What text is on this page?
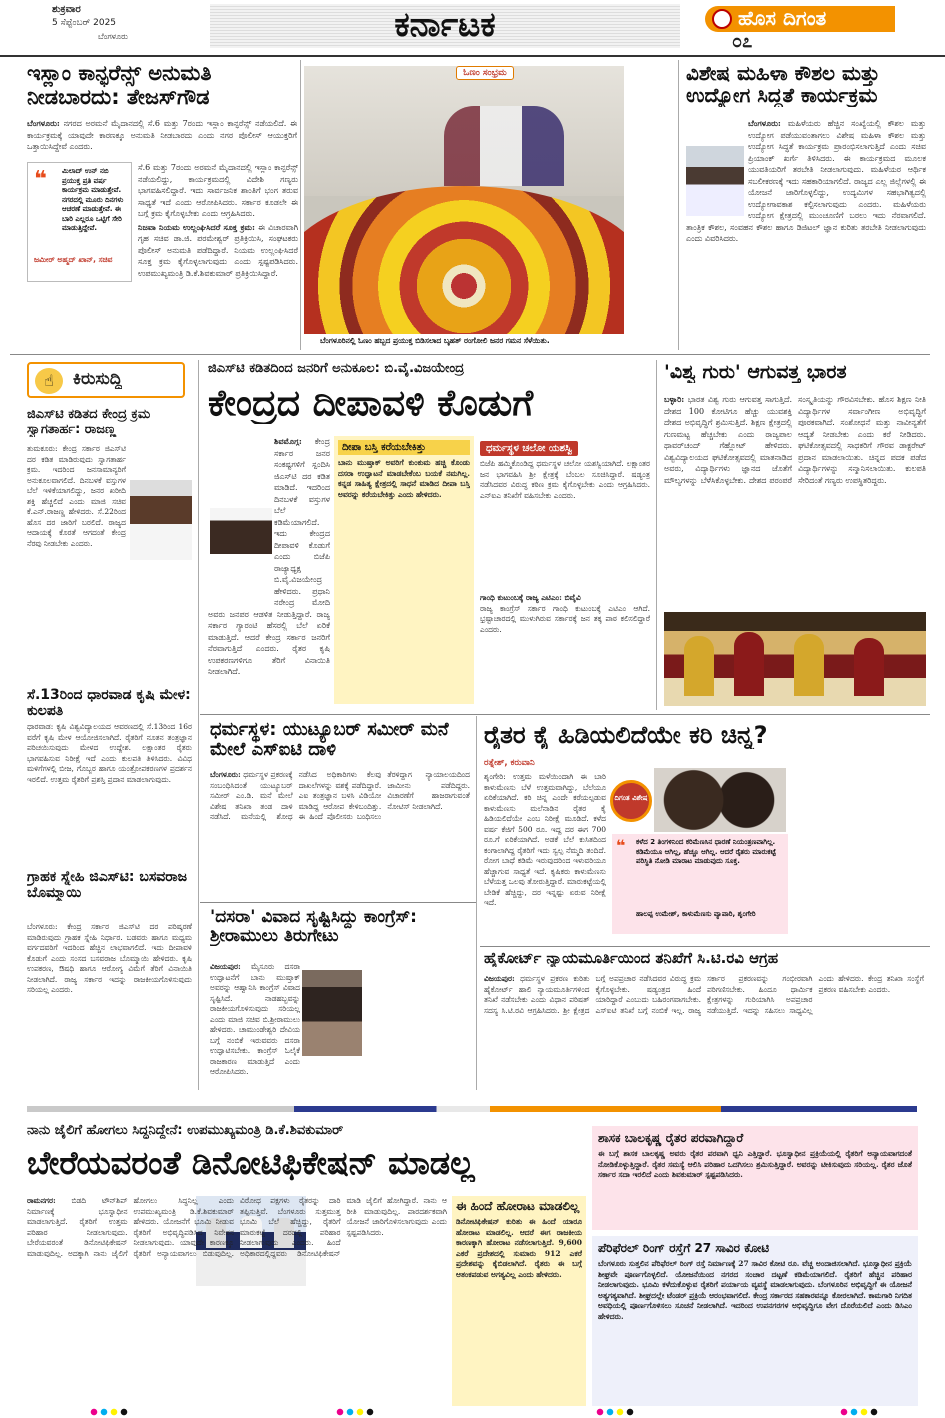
ಶುಕ್ರವಾರ
5 ಸೆಪ್ಟೆಂಬರ್ 2025
ಬೆಂಗಳೂರು	ಕರ್ನಾಟಕ	ಹೊಸ ದಿಗಂತ
೦೭
ಇಸ್ಲಾಂ ಕಾನ್ಫರೆನ್ಸ್ ಅನುಮತಿ ನೀಡಬಾರದು: ತೇಜಸ್‌ಗೌಡ
ಬೆಂಗಳೂರು: ನಗರದ ಅರಮನೆ ಮೈದಾನದಲ್ಲಿ ಸೆ.6 ಮತ್ತು 7ರಂದು ಇಸ್ಲಾಂ ಕಾನ್ಫರೆನ್ಸ್ ನಡೆಯಲಿದೆ. ಈ ಕಾರ್ಯಕ್ರಮಕ್ಕೆ ಯಾವುದೇ ಕಾರಣಕ್ಕೂ ಅನುಮತಿ ನೀಡಬಾರದು ಎಂದು ನಗರ ಪೊಲೀಸ್ ಆಯುಕ್ತರಿಗೆ ಒತ್ತಾಯಿಸಿದ್ದೇವೆ ಎಂದರು.
❝ ಮಿಲಾದ್ ಉನ್ ನಬಿ ಪ್ರಯುಕ್ತ ಪ್ರತಿ ವರ್ಷ ಕಾರ್ಯಕ್ರಮ ಮಾಡುತ್ತೇವೆ. ನಗರದಲ್ಲಿ ಮೂರು ದಿನಗಳು ಆಚರಣೆ ಮಾಡುತ್ತೇವೆ. ಈ ಬಾರಿ ಎಲ್ಲರೂ ಒಟ್ಟಿಗೆ ಸೇರಿ ಮಾಡುತ್ತಿದ್ದೇವೆ.
ಜಮೀರ್ ಅಹ್ಮದ್ ಖಾನ್, ಸಚಿವ

ಸೆ.6 ಮತ್ತು 7ರಂದು ಅರಮನೆ ಮೈದಾನದಲ್ಲಿ ಇಸ್ಲಾಂ ಕಾನ್ಫರೆನ್ಸ್ ನಡೆಯಲಿದ್ದು, ಕಾರ್ಯಕ್ರಮದಲ್ಲಿ ವಿದೇಶಿ ಗಣ್ಯರು ಭಾಗವಹಿಸಲಿದ್ದಾರೆ. ಇದು ಸಾರ್ವಜನಿಕ ಶಾಂತಿಗೆ ಭಂಗ ತರುವ ಸಾಧ್ಯತೆ ಇದೆ ಎಂದು ಆರೋಪಿಸಿದರು. ಸರ್ಕಾರ ಕೂಡಲೇ ಈ ಬಗ್ಗೆ ಕ್ರಮ ಕೈಗೊಳ್ಳಬೇಕು ಎಂದು ಆಗ್ರಹಿಸಿದರು.

ನಿಜವಾ ನಿಯಮ ಉಲ್ಲಂಘಿಸಿದರೆ ಸೂಕ್ತ ಕ್ರಮ: ಈ ವಿಚಾರವಾಗಿ ಗೃಹ ಸಚಿವ ಡಾ.ಜಿ. ಪರಮೇಶ್ವರ್ ಪ್ರತಿಕ್ರಿಯಿಸಿ, ಸಂಘಟಕರು ಪೊಲೀಸ್ ಅನುಮತಿ ಪಡೆದಿದ್ದಾರೆ. ನಿಯಮ ಉಲ್ಲಂಘಿಸಿದರೆ ಸೂಕ್ತ ಕ್ರಮ ಕೈಗೊಳ್ಳಲಾಗುವುದು ಎಂದು ಸ್ಪಷ್ಟಪಡಿಸಿದರು. ಉಪಮುಖ್ಯಮಂತ್ರಿ ಡಿ.ಕೆ.ಶಿವಕುಮಾರ್ ಪ್ರತಿಕ್ರಿಯಿಸಿದ್ದಾರೆ.

ಓಣಂ ಸಂಭ್ರಮ
ಬೆಂಗಳೂರಿನಲ್ಲಿ ಓಣಂ ಹಬ್ಬದ ಪ್ರಯುಕ್ತ ಬಿಡಿಸಲಾದ ಬೃಹತ್ ರಂಗೋಲಿ ಜನರ ಗಮನ ಸೆಳೆಯಿತು.
ವಿಶೇಷ ಮಹಿಳಾ ಕೌಶಲ ಮತ್ತು ಉದ್ಯೋಗ ಸಿದ್ಧತೆ ಕಾರ್ಯಕ್ರಮ
ಬೆಂಗಳೂರು: ಮಹಿಳೆಯರು ಹೆಚ್ಚಿನ ಸಂಖ್ಯೆಯಲ್ಲಿ ಕೌಶಲ ಮತ್ತು ಉದ್ಯೋಗ ಪಡೆಯುವಂತಾಗಲು ವಿಶೇಷ ಮಹಿಳಾ ಕೌಶಲ ಮತ್ತು ಉದ್ಯೋಗ ಸಿದ್ಧತೆ ಕಾರ್ಯಕ್ರಮ ಪ್ರಾರಂಭಿಸಲಾಗುತ್ತಿದೆ ಎಂದು ಸಚಿವ ಪ್ರಿಯಾಂಕ್ ಖರ್ಗೆ ತಿಳಿಸಿದರು. ಈ ಕಾರ್ಯಕ್ರಮದ ಮೂಲಕ ಯುವತಿಯರಿಗೆ ತರಬೇತಿ ನೀಡಲಾಗುವುದು. ಮಹಿಳೆಯರ ಆರ್ಥಿಕ ಸಬಲೀಕರಣಕ್ಕೆ ಇದು ಸಹಕಾರಿಯಾಗಲಿದೆ. ರಾಜ್ಯದ ಎಲ್ಲ ಜಿಲ್ಲೆಗಳಲ್ಲಿ ಈ ಯೋಜನೆ ಜಾರಿಗೊಳ್ಳಲಿದ್ದು, ಉದ್ಯಮಿಗಳ ಸಹಭಾಗಿತ್ವದಲ್ಲಿ ಉದ್ಯೋಗಾವಕಾಶ ಕಲ್ಪಿಸಲಾಗುವುದು ಎಂದರು. ಮಹಿಳೆಯರು ಉದ್ಯೋಗ ಕ್ಷೇತ್ರದಲ್ಲಿ ಮುಂಚೂಣಿಗೆ ಬರಲು ಇದು ನೆರವಾಗಲಿದೆ. ತಾಂತ್ರಿಕ ಕೌಶಲ, ಸಂವಹನ ಕೌಶಲ ಹಾಗೂ ಡಿಜಿಟಲ್ ಜ್ಞಾನ ಕುರಿತು ತರಬೇತಿ ನೀಡಲಾಗುವುದು ಎಂದು ವಿವರಿಸಿದರು.
☝	ಕಿರುಸುದ್ದಿ
ಜಿಎಸ್‌ಟಿ ಕಡಿತದ ಕೇಂದ್ರ ಕ್ರಮ ಸ್ವಾಗತಾರ್ಹ: ರಾಜಣ್ಣ
ತುಮಕೂರು: ಕೇಂದ್ರ ಸರ್ಕಾರ ಜಿಎಸ್‌ಟಿ ದರ ಕಡಿತ ಮಾಡಿರುವುದು ಸ್ವಾಗತಾರ್ಹ ಕ್ರಮ. ಇದರಿಂದ ಜನಸಾಮಾನ್ಯರಿಗೆ ಅನುಕೂಲವಾಗಲಿದೆ. ದಿನಬಳಕೆ ವಸ್ತುಗಳ ಬೆಲೆ ಇಳಿಕೆಯಾಗಲಿದ್ದು, ಜನರ ಖರೀದಿ ಶಕ್ತಿ ಹೆಚ್ಚಲಿದೆ ಎಂದು ಮಾಜಿ ಸಚಿವ ಕೆ.ಎನ್.ರಾಜಣ್ಣ ಹೇಳಿದರು. ಸೆ.22ರಿಂದ ಹೊಸ ದರ ಜಾರಿಗೆ ಬರಲಿದೆ. ರಾಜ್ಯದ ಆದಾಯಕ್ಕೆ ಕೊರತೆ ಆಗದಂತೆ ಕೇಂದ್ರ ನೆರವು ನೀಡಬೇಕು ಎಂದರು.
ಸೆ.13ರಿಂದ ಧಾರವಾಡ ಕೃಷಿ ಮೇಳ: ಕುಲಪತಿ
ಧಾರವಾಡ: ಕೃಷಿ ವಿಶ್ವವಿದ್ಯಾಲಯದ ಆವರಣದಲ್ಲಿ ಸೆ.13ರಿಂದ 16ರ ವರೆಗೆ ಕೃಷಿ ಮೇಳ ಆಯೋಜಿಸಲಾಗಿದೆ. ರೈತರಿಗೆ ನೂತನ ತಂತ್ರಜ್ಞಾನ ಪರಿಚಯಿಸುವುದು ಮೇಳದ ಉದ್ದೇಶ. ಲಕ್ಷಾಂತರ ರೈತರು ಭಾಗವಹಿಸುವ ನಿರೀಕ್ಷೆ ಇದೆ ಎಂದು ಕುಲಪತಿ ತಿಳಿಸಿದರು. ವಿವಿಧ ಮಳಿಗೆಗಳಲ್ಲಿ ಬೀಜ, ಗೊಬ್ಬರ ಹಾಗೂ ಯಂತ್ರೋಪಕರಣಗಳ ಪ್ರದರ್ಶನ ಇರಲಿದೆ. ಉತ್ತಮ ರೈತರಿಗೆ ಪ್ರಶಸ್ತಿ ಪ್ರದಾನ ಮಾಡಲಾಗುವುದು.
ಗ್ರಾಹಕ ಸ್ನೇಹಿ ಜಿಎಸ್‌ಟಿ: ಬಸವರಾಜ ಬೊಮ್ಮಾಯಿ
ಬೆಂಗಳೂರು: ಕೇಂದ್ರ ಸರ್ಕಾರ ಜಿಎಸ್‌ಟಿ ದರ ಪರಿಷ್ಕರಣೆ ಮಾಡಿರುವುದು ಗ್ರಾಹಕ ಸ್ನೇಹಿ ನಿರ್ಧಾರ. ಬಡವರು ಹಾಗೂ ಮಧ್ಯಮ ವರ್ಗದವರಿಗೆ ಇದರಿಂದ ಹೆಚ್ಚಿನ ಲಾಭವಾಗಲಿದೆ. ಇದು ದೀಪಾವಳಿ ಕೊಡುಗೆ ಎಂದು ಸಂಸದ ಬಸವರಾಜ ಬೊಮ್ಮಾಯಿ ಹೇಳಿದರು. ಕೃಷಿ ಉಪಕರಣ, ಔಷಧಿ ಹಾಗೂ ಆರೋಗ್ಯ ವಿಮೆಗೆ ತೆರಿಗೆ ವಿನಾಯಿತಿ ನೀಡಲಾಗಿದೆ. ರಾಜ್ಯ ಸರ್ಕಾರ ಇದನ್ನು ರಾಜಕೀಯಗೊಳಿಸುವುದು ಸರಿಯಲ್ಲ ಎಂದರು.
ಜಿಎಸ್‌ಟಿ ಕಡಿತದಿಂದ ಜನರಿಗೆ ಅನುಕೂಲ: ಬಿ.ವೈ.ವಿಜಯೇಂದ್ರ
ಕೇಂದ್ರದ ದೀಪಾವಳಿ ಕೊಡುಗೆ
ಶಿವಮೊಗ್ಗ: ಕೇಂದ್ರ ಸರ್ಕಾರ ಜನರ ಸಂಕಷ್ಟಗಳಿಗೆ ಸ್ಪಂದಿಸಿ ಜಿಎಸ್‌ಟಿ ದರ ಕಡಿತ ಮಾಡಿದೆ. ಇದರಿಂದ ದಿನಬಳಕೆ ವಸ್ತುಗಳ ಬೆಲೆ ಕಡಿಮೆಯಾಗಲಿದೆ. ಇದು ಕೇಂದ್ರದ ದೀಪಾವಳಿ ಕೊಡುಗೆ ಎಂದು ಬಿಜೆಪಿ ರಾಜ್ಯಾಧ್ಯಕ್ಷ ಬಿ.ವೈ.ವಿಜಯೇಂದ್ರ ಹೇಳಿದರು. ಪ್ರಧಾನಿ ನರೇಂದ್ರ ಮೋದಿ ಅವರು ಜನಪರ ಆಡಳಿತ ನೀಡುತ್ತಿದ್ದಾರೆ. ರಾಜ್ಯ ಸರ್ಕಾರ ಗ್ಯಾರಂಟಿ ಹೆಸರಲ್ಲಿ ಬೆಲೆ ಏರಿಕೆ ಮಾಡುತ್ತಿದೆ. ಆದರೆ ಕೇಂದ್ರ ಸರ್ಕಾರ ಜನರಿಗೆ ನೆರವಾಗುತ್ತಿದೆ ಎಂದರು. ರೈತರ ಕೃಷಿ ಉಪಕರಣಗಳಿಗೂ ತೆರಿಗೆ ವಿನಾಯಿತಿ ನೀಡಲಾಗಿದೆ.
ದೀಪಾ ಬಸ್ತಿ ಕರೆಯಬೇಕಿತ್ತು
ಬಾನು ಮುಷ್ತಾಕ್ ಅವರಿಗೆ ಕುಂಕುಮ ಹಚ್ಚಿ ಕೊಂಡು ದಸರಾ ಉದ್ಘಾಟನೆ ಮಾಡಬೇಕೆಂಬ ಬಯಕೆ ನಮಗಿಲ್ಲ. ಕನ್ನಡ ಸಾಹಿತ್ಯ ಕ್ಷೇತ್ರದಲ್ಲಿ ಸಾಧನೆ ಮಾಡಿದ ದೀಪಾ ಬಸ್ತಿ ಅವರನ್ನು ಕರೆಯಬೇಕಿತ್ತು ಎಂದು ಹೇಳಿದರು.
ಧರ್ಮಸ್ಥಳ ಚಲೋ ಯಶಸ್ವಿ
ಬಿಜೆಪಿ ಹಮ್ಮಿಕೊಂಡಿದ್ದ ಧರ್ಮಸ್ಥಳ ಚಲೋ ಯಶಸ್ವಿಯಾಗಿದೆ. ಲಕ್ಷಾಂತರ ಜನ ಭಾಗವಹಿಸಿ ಶ್ರೀ ಕ್ಷೇತ್ರಕ್ಕೆ ಬೆಂಬಲ ಸೂಚಿಸಿದ್ದಾರೆ. ಷಡ್ಯಂತ್ರ ನಡೆಸಿದವರ ವಿರುದ್ಧ ಕಠಿಣ ಕ್ರಮ ಕೈಗೊಳ್ಳಬೇಕು ಎಂದು ಆಗ್ರಹಿಸಿದರು. ಎನ್‌ಐಎ ತನಿಖೆಗೆ ವಹಿಸಬೇಕು ಎಂದರು.
ಗಾಂಧಿ ಕುಟುಂಬಕ್ಕೆ ರಾಜ್ಯ ಎಟಿಎಂ: ಬಿವೈವಿ
ರಾಜ್ಯ ಕಾಂಗ್ರೆಸ್ ಸರ್ಕಾರ ಗಾಂಧಿ ಕುಟುಂಬಕ್ಕೆ ಎಟಿಎಂ ಆಗಿದೆ. ಭ್ರಷ್ಟಾಚಾರದಲ್ಲಿ ಮುಳುಗಿರುವ ಸರ್ಕಾರಕ್ಕೆ ಜನ ತಕ್ಕ ಪಾಠ ಕಲಿಸಲಿದ್ದಾರೆ ಎಂದರು.
'ವಿಶ್ವ ಗುರು' ಆಗುವತ್ತ ಭಾರತ
ಬಳ್ಳಾರಿ: ಭಾರತ ವಿಶ್ವ ಗುರು ಆಗುವತ್ತ ಸಾಗುತ್ತಿದೆ. ದೇಶದ 100 ಕೋಟಿಗೂ ಹೆಚ್ಚು ಯುವಶಕ್ತಿ ದೇಶದ ಅಭಿವೃದ್ಧಿಗೆ ಶ್ರಮಿಸುತ್ತಿದೆ. ಶಿಕ್ಷಣ ಕ್ಷೇತ್ರದಲ್ಲಿ ಗುಣಮಟ್ಟ ಹೆಚ್ಚಬೇಕು ಎಂದು ರಾಜ್ಯಪಾಲ ಥಾವರ್‌ಚಂದ್ ಗೆಹ್ಲೋಟ್ ಹೇಳಿದರು. ವಿಶ್ವವಿದ್ಯಾಲಯದ ಘಟಿಕೋತ್ಸವದಲ್ಲಿ ಮಾತನಾಡಿದ ಅವರು, ವಿದ್ಯಾರ್ಥಿಗಳು ಜ್ಞಾನದ ಜೊತೆಗೆ ಮೌಲ್ಯಗಳನ್ನು ಬೆಳೆಸಿಕೊಳ್ಳಬೇಕು. ದೇಶದ ಪರಂಪರೆ ಸಂಸ್ಕೃತಿಯನ್ನು ಗೌರವಿಸಬೇಕು. ಹೊಸ ಶಿಕ್ಷಣ ನೀತಿ ವಿದ್ಯಾರ್ಥಿಗಳ ಸರ್ವಾಂಗೀಣ ಅಭಿವೃದ್ಧಿಗೆ ಪೂರಕವಾಗಿದೆ. ಸಂಶೋಧನೆ ಮತ್ತು ನಾವೀನ್ಯತೆಗೆ ಆದ್ಯತೆ ನೀಡಬೇಕು ಎಂದು ಕರೆ ನೀಡಿದರು. ಘಟಿಕೋತ್ಸವದಲ್ಲಿ ಸಾಧಕರಿಗೆ ಗೌರವ ಡಾಕ್ಟರೇಟ್ ಪ್ರದಾನ ಮಾಡಲಾಯಿತು. ಚಿನ್ನದ ಪದಕ ಪಡೆದ ವಿದ್ಯಾರ್ಥಿಗಳನ್ನು ಸನ್ಮಾನಿಸಲಾಯಿತು. ಕುಲಪತಿ ಸೇರಿದಂತೆ ಗಣ್ಯರು ಉಪಸ್ಥಿತರಿದ್ದರು.
ಧರ್ಮಸ್ಥಳ: ಯುಟ್ಯೂಬರ್ ಸಮೀರ್ ಮನೆ ಮೇಲೆ ಎಸ್‌ಐಟಿ ದಾಳಿ
ಬೆಂಗಳೂರು: ಧರ್ಮಸ್ಥಳ ಪ್ರಕರಣಕ್ಕೆ ಸಂಬಂಧಿಸಿದಂತೆ ಯುಟ್ಯೂಬರ್ ಸಮೀರ್ ಎಂ.ಡಿ. ಮನೆ ಮೇಲೆ ವಿಶೇಷ ತನಿಖಾ ತಂಡ ದಾಳಿ ನಡೆಸಿದೆ. ಮನೆಯಲ್ಲಿ ಶೋಧ ನಡೆಸಿದ ಅಧಿಕಾರಿಗಳು ಕೆಲವು ದಾಖಲೆಗಳನ್ನು ವಶಕ್ಕೆ ಪಡೆದಿದ್ದಾರೆ. ಎಐ ತಂತ್ರಜ್ಞಾನ ಬಳಸಿ ವಿಡಿಯೋ ಮಾಡಿದ್ದ ಆರೋಪ ಕೇಳಿಬಂದಿತ್ತು. ಈ ಹಿಂದೆ ಪೊಲೀಸರು ಬಂಧಿಸಲು ತೆರಳಿದ್ದಾಗ ನ್ಯಾಯಾಲಯದಿಂದ ಜಾಮೀನು ಪಡೆದಿದ್ದರು. ವಿಚಾರಣೆಗೆ ಹಾಜರಾಗುವಂತೆ ನೋಟಿಸ್ ನೀಡಲಾಗಿದೆ.
'ದಸರಾ' ವಿವಾದ ಸೃಷ್ಟಿಸಿದ್ದು ಕಾಂಗ್ರೆಸ್: ಶ್ರೀರಾಮುಲು ತಿರುಗೇಟು
ವಿಜಯಪುರ: ಮೈಸೂರು ದಸರಾ ಉದ್ಘಾಟನೆಗೆ ಬಾನು ಮುಷ್ತಾಕ್ ಅವರನ್ನು ಆಹ್ವಾನಿಸಿ ಕಾಂಗ್ರೆಸ್ ವಿವಾದ ಸೃಷ್ಟಿಸಿದೆ. ನಾಡಹಬ್ಬವನ್ನು ರಾಜಕೀಯಗೊಳಿಸುವುದು ಸರಿಯಲ್ಲ ಎಂದು ಮಾಜಿ ಸಚಿವ ಬಿ.ಶ್ರೀರಾಮುಲು ಹೇಳಿದರು. ಚಾಮುಂಡೇಶ್ವರಿ ದೇವಿಯ ಬಗ್ಗೆ ನಂಬಿಕೆ ಇರುವವರು ದಸರಾ ಉದ್ಘಾಟಿಸಬೇಕು. ಕಾಂಗ್ರೆಸ್ ಓಲೈಕೆ ರಾಜಕಾರಣ ಮಾಡುತ್ತಿದೆ ಎಂದು ಆರೋಪಿಸಿದರು.
ರೈತರ ಕೈ ಹಿಡಿಯಲಿದೆಯೇ ಕರಿ ಚಿನ್ನ?
ರತ್ನೇಶ್, ಕರುವಾನಿ
ದಿಗಂತ ವಿಶೇಷ
ಶೃಂಗೇರಿ: ಉತ್ತಮ ಮಳೆಯಿಂದಾಗಿ ಈ ಬಾರಿ ಕಾಳುಮೆಣಸು ಬೆಳೆ ಉತ್ತಮವಾಗಿದ್ದು, ಬೆಲೆಯೂ ಏರಿಕೆಯಾಗಿದೆ. ಕರಿ ಚಿನ್ನ ಎಂದೇ ಕರೆಯಲ್ಪಡುವ ಕಾಳುಮೆಣಸು ಮಲೆನಾಡಿನ ರೈತರ ಕೈ ಹಿಡಿಯಲಿದೆಯೇ ಎಂಬ ನಿರೀಕ್ಷೆ ಮೂಡಿದೆ. ಕಳೆದ ವರ್ಷ ಕೆಜಿಗೆ 500 ರೂ. ಇದ್ದ ದರ ಈಗ 700 ರೂ.ಗೆ ಏರಿಕೆಯಾಗಿದೆ. ಅಡಕೆ ಬೆಲೆ ಕುಸಿತದಿಂದ ಕಂಗಾಲಾಗಿದ್ದ ರೈತರಿಗೆ ಇದು ಸ್ವಲ್ಪ ನೆಮ್ಮದಿ ತಂದಿದೆ. ರೋಗ ಬಾಧೆ ಕಡಿಮೆ ಇರುವುದರಿಂದ ಇಳುವರಿಯೂ ಹೆಚ್ಚಾಗುವ ಸಾಧ್ಯತೆ ಇದೆ. ಕೃಷಿಕರು ಕಾಳುಮೆಣಸು ಬೆಳೆಯತ್ತ ಒಲವು ತೋರುತ್ತಿದ್ದಾರೆ. ಮಾರುಕಟ್ಟೆಯಲ್ಲಿ ಬೇಡಿಕೆ ಹೆಚ್ಚಿದ್ದು, ದರ ಇನ್ನಷ್ಟು ಏರುವ ನಿರೀಕ್ಷೆ ಇದೆ.
❝ ಕಳೆದ 2 ತಿಂಗಳಿನಿಂದ ಕರಿಮೆಣಸಿನ ಧಾರಣೆ ನಿಯಂತ್ರಣವಾಗಿಲ್ಲ. ಕಡಿಮೆಯೂ ಆಗಿಲ್ಲ, ಹೆಚ್ಚೂ ಆಗಿಲ್ಲ. ಆದರೆ ರೈತರು ಮಾರುಕಟ್ಟೆ ಪರಿಸ್ಥಿತಿ ನೋಡಿ ಮಾರಾಟ ಮಾಡುವುದು ಸೂಕ್ತ.
ಹಾಲಪ್ಪ ಉಮೇಶ್, ಕಾಳುಮೆಣಸು ವ್ಯಾಪಾರಿ, ಶೃಂಗೇರಿ
ಹೈಕೋರ್ಟ್ ನ್ಯಾಯಮೂರ್ತಿಯಿಂದ ತನಿಖೆಗೆ ಸಿ.ಟಿ.ರವಿ ಆಗ್ರಹ
ವಿಜಯಪುರ: ಧರ್ಮಸ್ಥಳ ಪ್ರಕರಣ ಕುರಿತು ಹೈಕೋರ್ಟ್ ಹಾಲಿ ನ್ಯಾಯಮೂರ್ತಿಗಳಿಂದ ತನಿಖೆ ನಡೆಸಬೇಕು ಎಂದು ವಿಧಾನ ಪರಿಷತ್ ಸದಸ್ಯ ಸಿ.ಟಿ.ರವಿ ಆಗ್ರಹಿಸಿದರು. ಶ್ರೀ ಕ್ಷೇತ್ರದ ಬಗ್ಗೆ ಅಪಪ್ರಚಾರ ನಡೆಸಿದವರ ವಿರುದ್ಧ ಕ್ರಮ ಕೈಗೊಳ್ಳಬೇಕು. ಷಡ್ಯಂತ್ರದ ಹಿಂದೆ ಯಾರಿದ್ದಾರೆ ಎಂಬುದು ಬಹಿರಂಗವಾಗಬೇಕು. ಎಸ್‌ಐಟಿ ತನಿಖೆ ಬಗ್ಗೆ ನಂಬಿಕೆ ಇಲ್ಲ. ರಾಜ್ಯ ಸರ್ಕಾರ ಪ್ರಕರಣವನ್ನು ಗಂಭೀರವಾಗಿ ಪರಿಗಣಿಸಬೇಕು. ಹಿಂದೂ ಧಾರ್ಮಿಕ ಕ್ಷೇತ್ರಗಳನ್ನು ಗುರಿಯಾಗಿಸಿ ಅಪಪ್ರಚಾರ ನಡೆಯುತ್ತಿದೆ. ಇದನ್ನು ಸಹಿಸಲು ಸಾಧ್ಯವಿಲ್ಲ ಎಂದು ಹೇಳಿದರು. ಕೇಂದ್ರ ತನಿಖಾ ಸಂಸ್ಥೆಗೆ ಪ್ರಕರಣ ವಹಿಸಬೇಕು ಎಂದರು.
ನಾನು ಜೈಲಿಗೆ ಹೋಗಲು ಸಿದ್ಧನಿದ್ದೇನೆ: ಉಪಮುಖ್ಯಮಂತ್ರಿ ಡಿ.ಕೆ.ಶಿವಕುಮಾರ್
ಬೇರೆಯವರಂತೆ ಡಿನೋಟಿಫಿಕೇಷನ್ ಮಾಡಲ್ಲ
ರಾಮನಗರ: ಬಿಡದಿ ಟೌನ್‌ಶಿಪ್ ನಿರ್ಮಾಣಕ್ಕೆ ಭೂಸ್ವಾಧೀನ ಮಾಡಲಾಗುತ್ತಿದೆ. ರೈತರಿಗೆ ಉತ್ತಮ ಪರಿಹಾರ ನೀಡಲಾಗುವುದು. ಬೇರೆಯವರಂತೆ ಡಿನೋಟಿಫಿಕೇಷನ್ ಮಾಡುವುದಿಲ್ಲ. ಅದಕ್ಕಾಗಿ ನಾನು ಜೈಲಿಗೆ ಹೋಗಲು ಸಿದ್ಧನಿಲ್ಲ ಎಂದು ಉಪಮುಖ್ಯಮಂತ್ರಿ ಡಿ.ಕೆ.ಶಿವಕುಮಾರ್ ಹೇಳಿದರು. ಯೋಜನೆಗೆ ಭೂಮಿ ನೀಡುವ ರೈತರಿಗೆ ಅಭಿವೃದ್ಧಿಪಡಿಸಿದ ನಿವೇಶನ ನೀಡಲಾಗುವುದು. ಯಾವುದೇ ಕಾರಣಕ್ಕೂ ರೈತರಿಗೆ ಅನ್ಯಾಯವಾಗಲು ಬಿಡುವುದಿಲ್ಲ. ವಿರೋಧ ಪಕ್ಷಗಳು ರೈತರನ್ನು ದಾರಿ ತಪ್ಪಿಸುತ್ತಿವೆ. ಬೆಂಗಳೂರು ಸುತ್ತಮುತ್ತ ಭೂಮಿ ಬೆಲೆ ಹೆಚ್ಚಿದ್ದು, ರೈತರಿಗೆ ಮಾರುಕಟ್ಟೆ ದರದಲ್ಲಿ ಪರಿಹಾರ ನೀಡಲಾಗುವುದು ಎಂದರು. ಹಿಂದೆ ಅಧಿಕಾರದಲ್ಲಿದ್ದವರು ಡಿನೋಟಿಫಿಕೇಷನ್ ಮಾಡಿ ಜೈಲಿಗೆ ಹೋಗಿದ್ದಾರೆ. ನಾನು ಆ ರೀತಿ ಮಾಡುವುದಿಲ್ಲ. ಪಾರದರ್ಶಕವಾಗಿ ಯೋಜನೆ ಜಾರಿಗೊಳಿಸಲಾಗುವುದು ಎಂದು ಸ್ಪಷ್ಟಪಡಿಸಿದರು.
ಈ ಹಿಂದೆ ಹೋರಾಟ ಮಾಡಲಿಲ್ಲ
ಡಿನೋಟಿಫಿಕೇಷನ್ ಕುರಿತು ಈ ಹಿಂದೆ ಯಾರೂ ಹೋರಾಟ ಮಾಡಲಿಲ್ಲ. ಆದರೆ ಈಗ ರಾಜಕೀಯ ಕಾರಣಕ್ಕಾಗಿ ಹೋರಾಟ ನಡೆಸಲಾಗುತ್ತಿದೆ. 9,600 ಎಕರೆ ಪ್ರದೇಶದಲ್ಲಿ ಸುಮಾರು 912 ಎಕರೆ ಪ್ರದೇಶವನ್ನು ಕೈಬಿಡಲಾಗಿದೆ. ರೈತರು ಈ ಬಗ್ಗೆ ಆತಂಕಪಡುವ ಅಗತ್ಯವಿಲ್ಲ ಎಂದು ಹೇಳಿದರು.
ಶಾಸಕ ಬಾಲಕೃಷ್ಣ ರೈತರ ಪರವಾಗಿದ್ದಾರೆ
ಈ ಬಗ್ಗೆ ಶಾಸಕ ಬಾಲಕೃಷ್ಣ ಅವರು ರೈತರ ಪರವಾಗಿ ಧ್ವನಿ ಎತ್ತಿದ್ದಾರೆ. ಭೂಸ್ವಾಧೀನ ಪ್ರಕ್ರಿಯೆಯಲ್ಲಿ ರೈತರಿಗೆ ಅನ್ಯಾಯವಾಗದಂತೆ ನೋಡಿಕೊಳ್ಳುತ್ತಿದ್ದಾರೆ. ರೈತರ ಸಮಸ್ಯೆ ಆಲಿಸಿ ಪರಿಹಾರ ಒದಗಿಸಲು ಶ್ರಮಿಸುತ್ತಿದ್ದಾರೆ. ಅವರನ್ನು ಟೀಕಿಸುವುದು ಸರಿಯಲ್ಲ. ರೈತರ ಜೊತೆ ಸರ್ಕಾರ ಸದಾ ಇರಲಿದೆ ಎಂದು ಶಿವಕುಮಾರ್ ಸ್ಪಷ್ಟಪಡಿಸಿದರು.
ಪೆರಿಫೆರಲ್ ರಿಂಗ್ ರಸ್ತೆಗೆ 27 ಸಾವಿರ ಕೋಟಿ
ಬೆಂಗಳೂರು ಸುತ್ತಲಿನ ಪೆರಿಫೆರಲ್ ರಿಂಗ್ ರಸ್ತೆ ನಿರ್ಮಾಣಕ್ಕೆ 27 ಸಾವಿರ ಕೋಟಿ ರೂ. ವೆಚ್ಚ ಅಂದಾಜಿಸಲಾಗಿದೆ. ಭೂಸ್ವಾಧೀನ ಪ್ರಕ್ರಿಯೆ ಶೀಘ್ರವೇ ಪೂರ್ಣಗೊಳ್ಳಲಿದೆ. ಯೋಜನೆಯಿಂದ ನಗರದ ಸಂಚಾರ ದಟ್ಟಣೆ ಕಡಿಮೆಯಾಗಲಿದೆ. ರೈತರಿಗೆ ಹೆಚ್ಚಿನ ಪರಿಹಾರ ನೀಡಲಾಗುವುದು. ಭೂಮಿ ಕಳೆದುಕೊಳ್ಳುವ ರೈತರಿಗೆ ಪರ್ಯಾಯ ವ್ಯವಸ್ಥೆ ಮಾಡಲಾಗುವುದು. ಬೆಂಗಳೂರಿನ ಅಭಿವೃದ್ಧಿಗೆ ಈ ಯೋಜನೆ ಅತ್ಯಗತ್ಯವಾಗಿದೆ. ಶೀಘ್ರದಲ್ಲೇ ಟೆಂಡರ್ ಪ್ರಕ್ರಿಯೆ ಆರಂಭವಾಗಲಿದೆ. ಕೇಂದ್ರ ಸರ್ಕಾರದ ಸಹಕಾರವನ್ನೂ ಕೋರಲಾಗಿದೆ. ಕಾಮಗಾರಿ ನಿಗದಿತ ಅವಧಿಯಲ್ಲಿ ಪೂರ್ಣಗೊಳಿಸಲು ಸೂಚನೆ ನೀಡಲಾಗಿದೆ. ಇದರಿಂದ ಉಪನಗರಗಳ ಅಭಿವೃದ್ಧಿಗೂ ವೇಗ ದೊರೆಯಲಿದೆ ಎಂದು ಡಿಸಿಎಂ ಹೇಳಿದರು.
